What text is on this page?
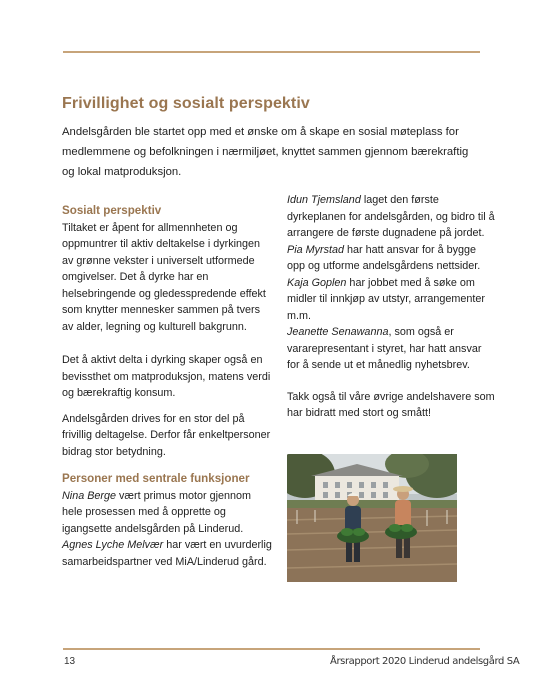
Frivillighet og sosialt perspektiv
Andelsgården ble startet opp med et ønske om å skape en sosial møteplass for medlemmene og befolkningen i nærmiljøet, knyttet sammen gjennom bærekraftig og lokal matproduksjon.

Sosialt perspektiv

Tiltaket er åpent for allmennheten og oppmuntrer til aktiv deltakelse i dyrkingen av grønne vekster i universelt utformede omgivelser. Det å dyrke har en helsebringende og gledesspredende effekt som knytter mennesker sammen på tvers av alder, legning og kulturell bakgrunn.

Det å aktivt delta i dyrking skaper også en bevissthet om matproduksjon, matens verdi og bærekraftig konsum.

Andelsgården drives for en stor del på frivillig deltagelse. Derfor får enkeltpersoner bidrag stor betydning.

Personer med sentrale funksjoner

Nina Berge vært primus motor gjennom hele prosessen med å opprette og igangsette andelsgården på Linderud.

Agnes Lyche Melvær har vært en uvurderlig samarbeidspartner ved MiA/Linderud gård.

Idun Tjemsland laget den første dyrkeplanen for andelsgården, og bidro til å arrangere de første dugnadene på jordet.

Pia Myrstad har hatt ansvar for å bygge opp og utforme andelsgårdens nettsider.

Kaja Goplen har jobbet med å søke om midler til innkjøp av utstyr, arrangementer m.m.

Jeanette Senawanna, som også er vararepresentant i styret, har hatt ansvar for å sende ut et månedlig nyhetsbrev.

Takk også til våre øvrige andelshavere som har bidratt med stort og smått!

13	Årsrapport 2020 Linderud andelsgård SA
